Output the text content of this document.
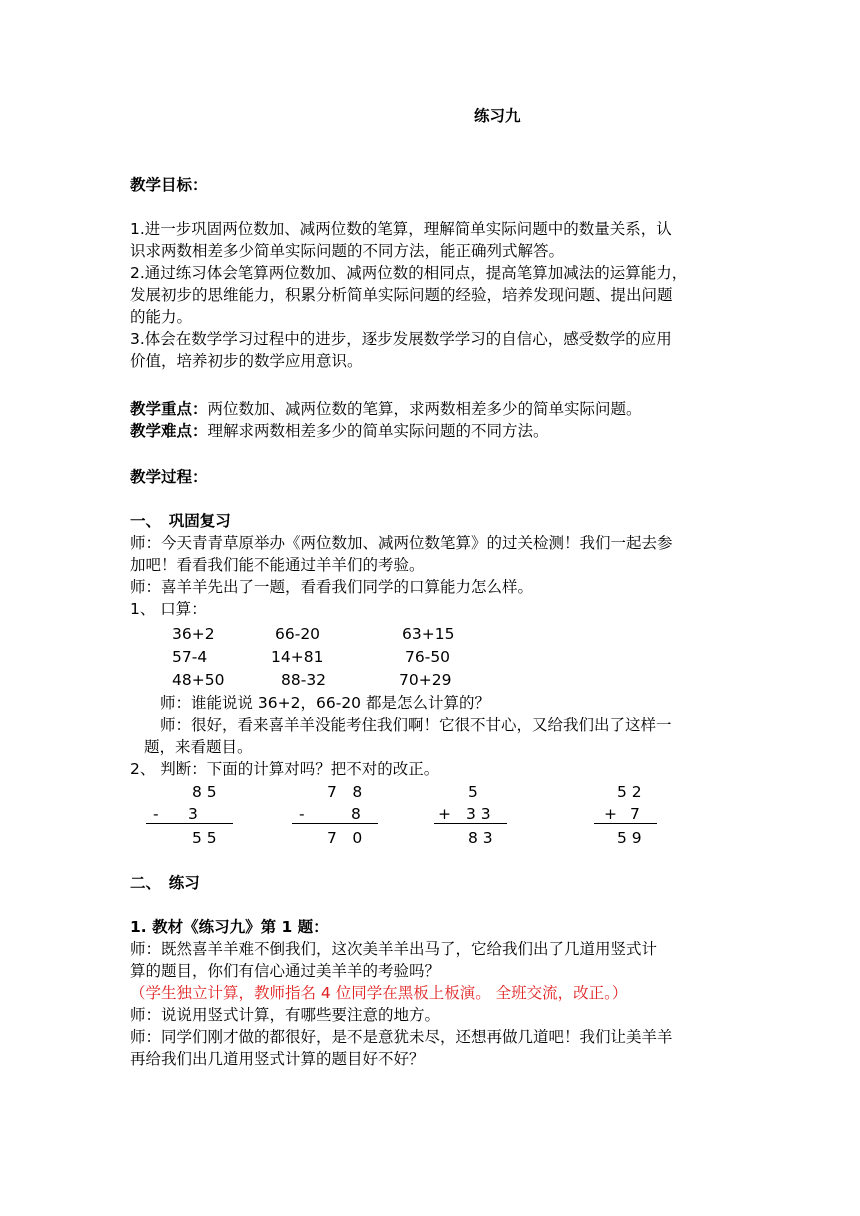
练习九
教学目标：
1.进一步巩固两位数加、减两位数的笔算，理解简单实际问题中的数量关系，认
识求两数相差多少简单实际问题的不同方法，能正确列式解答。
2.通过练习体会笔算两位数加、减两位数的相同点，提高笔算加减法的运算能力，
发展初步的思维能力，积累分析简单实际问题的经验，培养发现问题、提出问题
的能力。
3.体会在数学学习过程中的进步，逐步发展数学学习的自信心，感受数学的应用
价值，培养初步的数学应用意识。
教学重点：两位数加、减两位数的笔算，求两数相差多少的简单实际问题。
教学难点：理解求两数相差多少的简单实际问题的不同方法。
教学过程：
一、　巩固复习
师：今天青青草原举办《两位数加、减两位数笔算》的过关检测！我们一起去参
加吧！看看我们能不能通过羊羊们的考验。
师：喜羊羊先出了一题，看看我们同学的口算能力怎么样。
1、 口算：
36+2	66-20	63+15
57-4	14+81	76-50
48+50	88-32	70+29
师：谁能说说 36+2，66-20 都是怎么计算的？
师：很好，看来喜羊羊没能考住我们啊！它很不甘心，又给我们出了这样一
题，来看题目。
2、 判断：下面的计算对吗？把不对的改正。
8 5
- 3
5 5
7　8
-	8
7　0
5
+ 3 3
8 3
5 2
+ 7
5 9
二、　练习
1. 教材《练习九》第 1 题：
师：既然喜羊羊难不倒我们，这次美羊羊出马了，它给我们出了几道用竖式计
算的题目，你们有信心通过美羊羊的考验吗？
（学生独立计算，教师指名 4 位同学在黑板上板演。 全班交流，改正。）
师：说说用竖式计算，有哪些要注意的地方。
师：同学们刚才做的都很好，是不是意犹未尽，还想再做几道吧！我们让美羊羊
再给我们出几道用竖式计算的题目好不好？
